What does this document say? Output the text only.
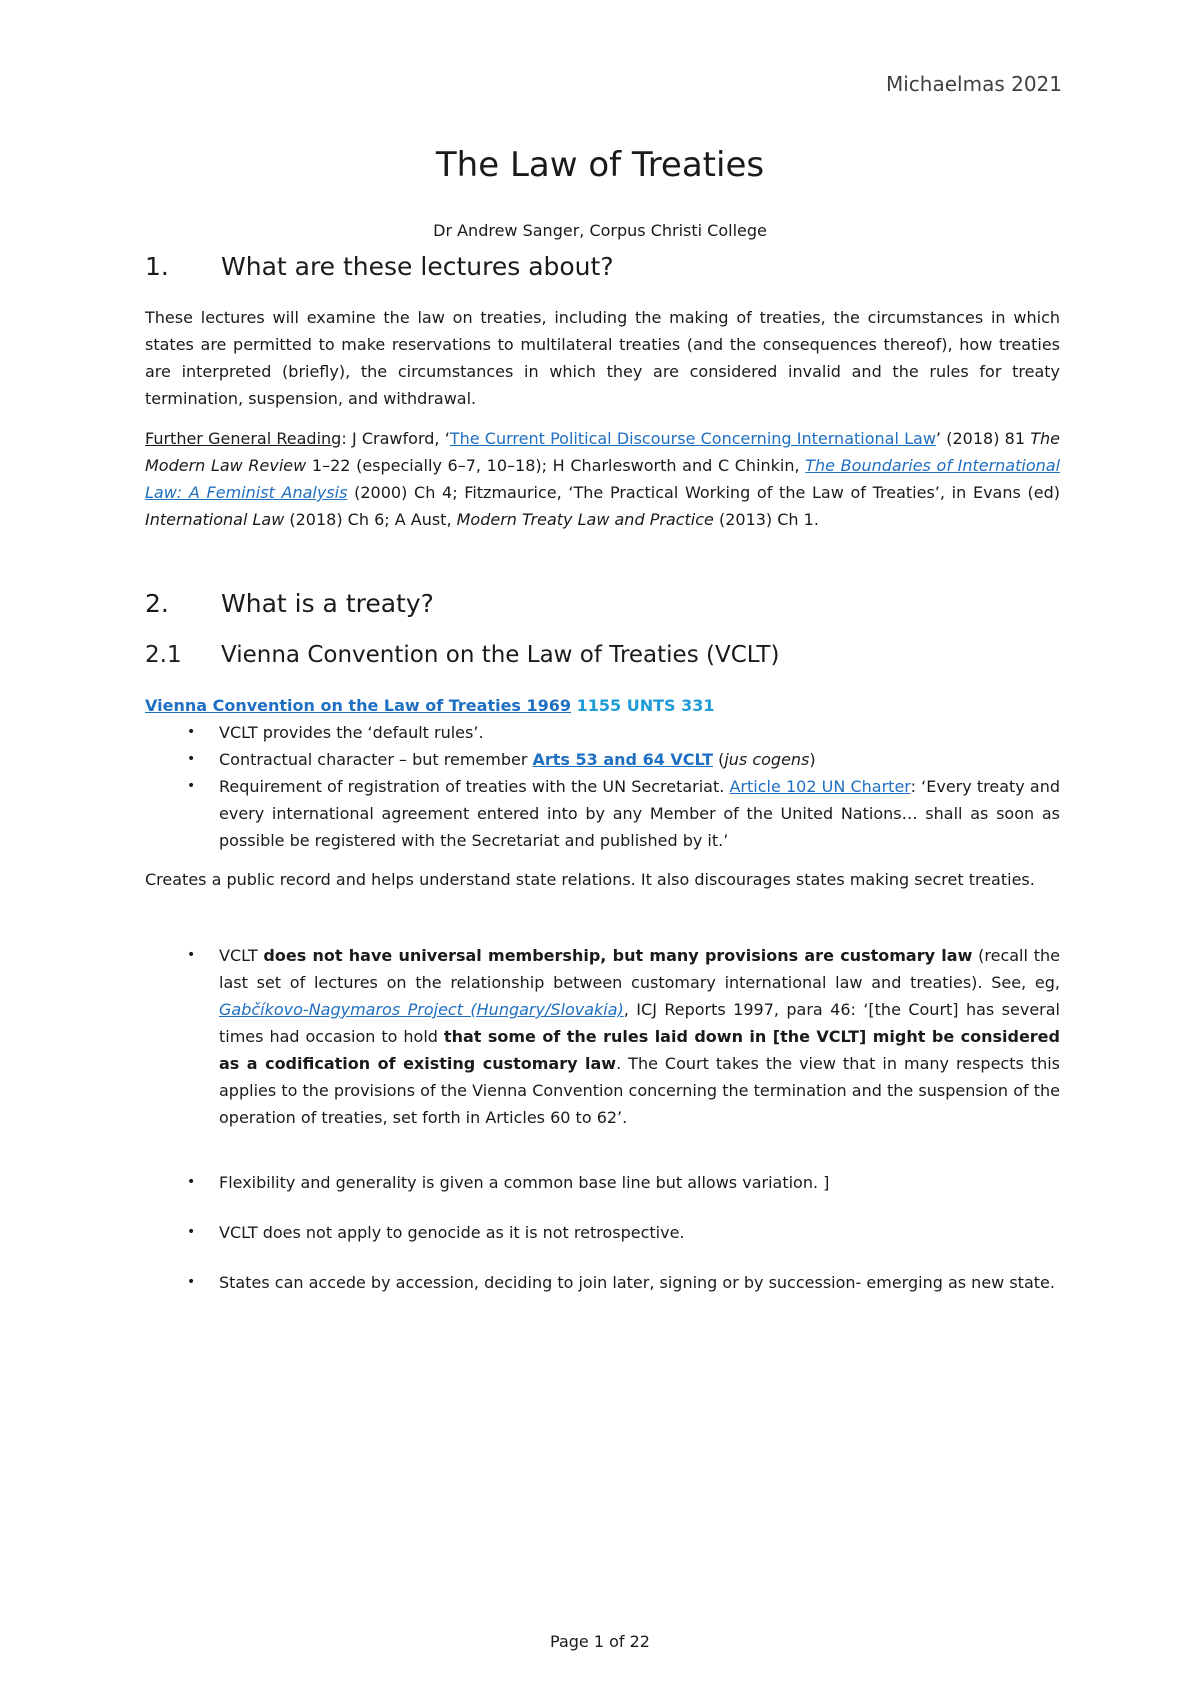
Michaelmas 2021
The Law of Treaties

Dr Andrew Sanger, Corpus Christi College

1. What are these lectures about?

These lectures will examine the law on treaties, including the making of treaties, the circumstances in which states are permitted to make reservations to multilateral treaties (and the consequences thereof), how treaties are interpreted (briefly), the circumstances in which they are considered invalid and the rules for treaty termination, suspension, and withdrawal.

Further General Reading: J Crawford, ‘The Current Political Discourse Concerning International Law’ (2018) 81 The Modern Law Review 1–22 (especially 6–7, 10–18); H Charlesworth and C Chinkin, The Boundaries of International Law: A Feminist Analysis (2000) Ch 4; Fitzmaurice, ‘The Practical Working of the Law of Treaties’, in Evans (ed) International Law (2018) Ch 6; A Aust, Modern Treaty Law and Practice (2013) Ch 1.

2. What is a treaty?
2.1 Vienna Convention on the Law of Treaties (VCLT)

Vienna Convention on the Law of Treaties 1969 1155 UNTS 331

• VCLT provides the ‘default rules’.
• Contractual character – but remember Arts 53 and 64 VCLT (jus cogens)
• Requirement of registration of treaties with the UN Secretariat. Article 102 UN Charter: ‘Every treaty and every international agreement entered into by any Member of the United Nations… shall as soon as possible be registered with the Secretariat and published by it.’

Creates a public record and helps understand state relations. It also discourages states making secret treaties.

• VCLT does not have universal membership, but many provisions are customary law (recall the last set of lectures on the relationship between customary international law and treaties). See, eg, Gabčíkovo-Nagymaros Project (Hungary/Slovakia), ICJ Reports 1997, para 46: ‘[the Court] has several times had occasion to hold that some of the rules laid down in [the VCLT] might be considered as a codification of existing customary law. The Court takes the view that in many respects this applies to the provisions of the Vienna Convention concerning the termination and the suspension of the operation of treaties, set forth in Articles 60 to 62’.
• Flexibility and generality is given a common base line but allows variation. ]
• VCLT does not apply to genocide as it is not retrospective.
• States can accede by accession, deciding to join later, signing or by succession- emerging as new state.
Page 1 of 22
